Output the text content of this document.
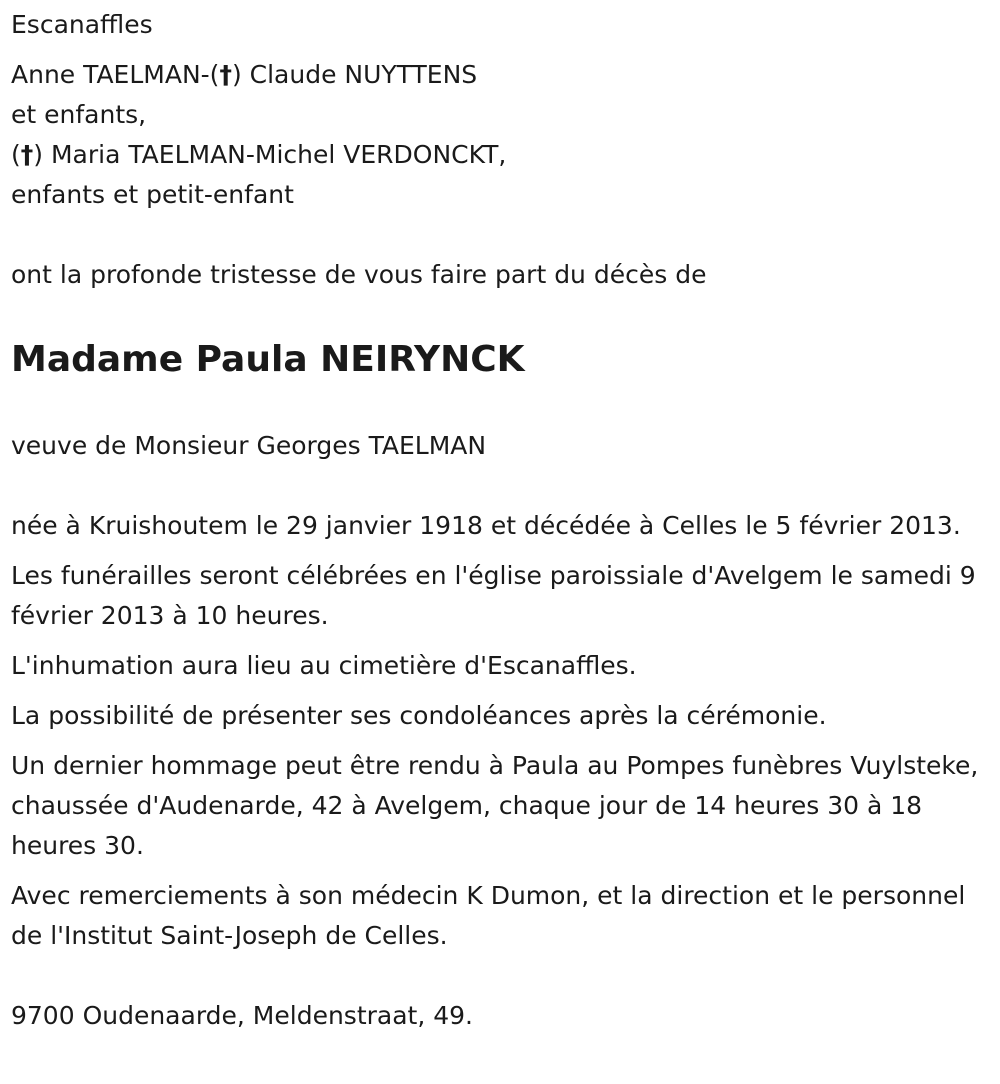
Escanaffles

Anne TAELMAN-(†) Claude NUYTTENS

et enfants,

(†) Maria TAELMAN-Michel VERDONCKT,

enfants et petit-enfant

ont la profonde tristesse de vous faire part du décès de

Madame Paula NEIRYNCK

veuve de Monsieur Georges TAELMAN

née à Kruishoutem le 29 janvier 1918 et décédée à Celles le 5 février 2013.

Les funérailles seront célébrées en l'église paroissiale d'Avelgem le samedi 9 février 2013 à 10 heures.

L'inhumation aura lieu au cimetière d'Escanaffles.

La possibilité de présenter ses condoléances après la cérémonie.

Un dernier hommage peut être rendu à Paula au Pompes funèbres Vuylsteke, chaussée d'Audenarde, 42 à Avelgem, chaque jour de 14 heures 30 à 18 heures 30.

Avec remerciements à son médecin K Dumon, et la direction et le personnel de l'Institut Saint-Joseph de Celles.

9700 Oudenaarde, Meldenstraat, 49.
